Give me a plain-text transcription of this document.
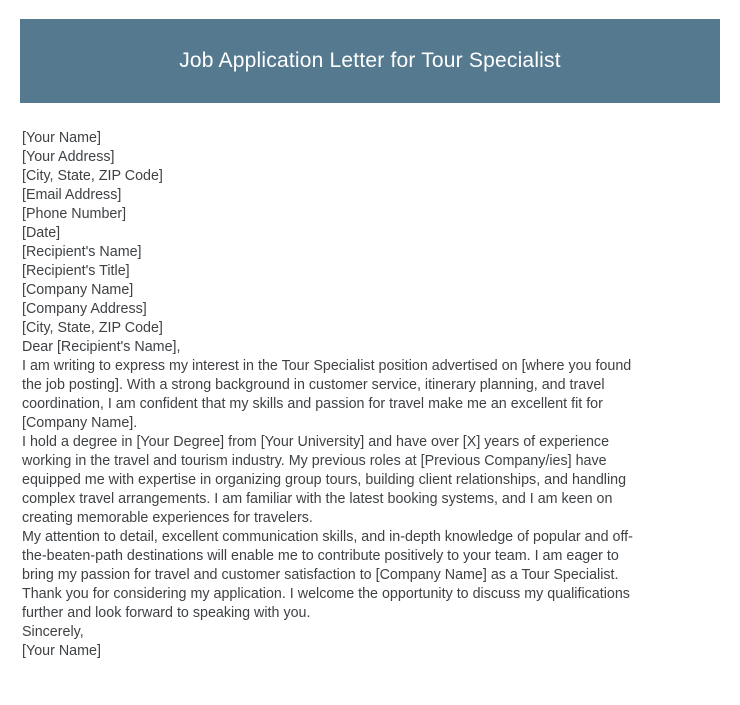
Job Application Letter for Tour Specialist
[Your Name]
[Your Address]
[City, State, ZIP Code]
[Email Address]
[Phone Number]
[Date]
[Recipient's Name]
[Recipient's Title]
[Company Name]
[Company Address]
[City, State, ZIP Code]
Dear [Recipient's Name],
I am writing to express my interest in the Tour Specialist position advertised on [where you found
the job posting]. With a strong background in customer service, itinerary planning, and travel
coordination, I am confident that my skills and passion for travel make me an excellent fit for
[Company Name].
I hold a degree in [Your Degree] from [Your University] and have over [X] years of experience
working in the travel and tourism industry. My previous roles at [Previous Company/ies] have
equipped me with expertise in organizing group tours, building client relationships, and handling
complex travel arrangements. I am familiar with the latest booking systems, and I am keen on
creating memorable experiences for travelers.
My attention to detail, excellent communication skills, and in-depth knowledge of popular and off-
the-beaten-path destinations will enable me to contribute positively to your team. I am eager to
bring my passion for travel and customer satisfaction to [Company Name] as a Tour Specialist.
Thank you for considering my application. I welcome the opportunity to discuss my qualifications
further and look forward to speaking with you.
Sincerely,
[Your Name]
